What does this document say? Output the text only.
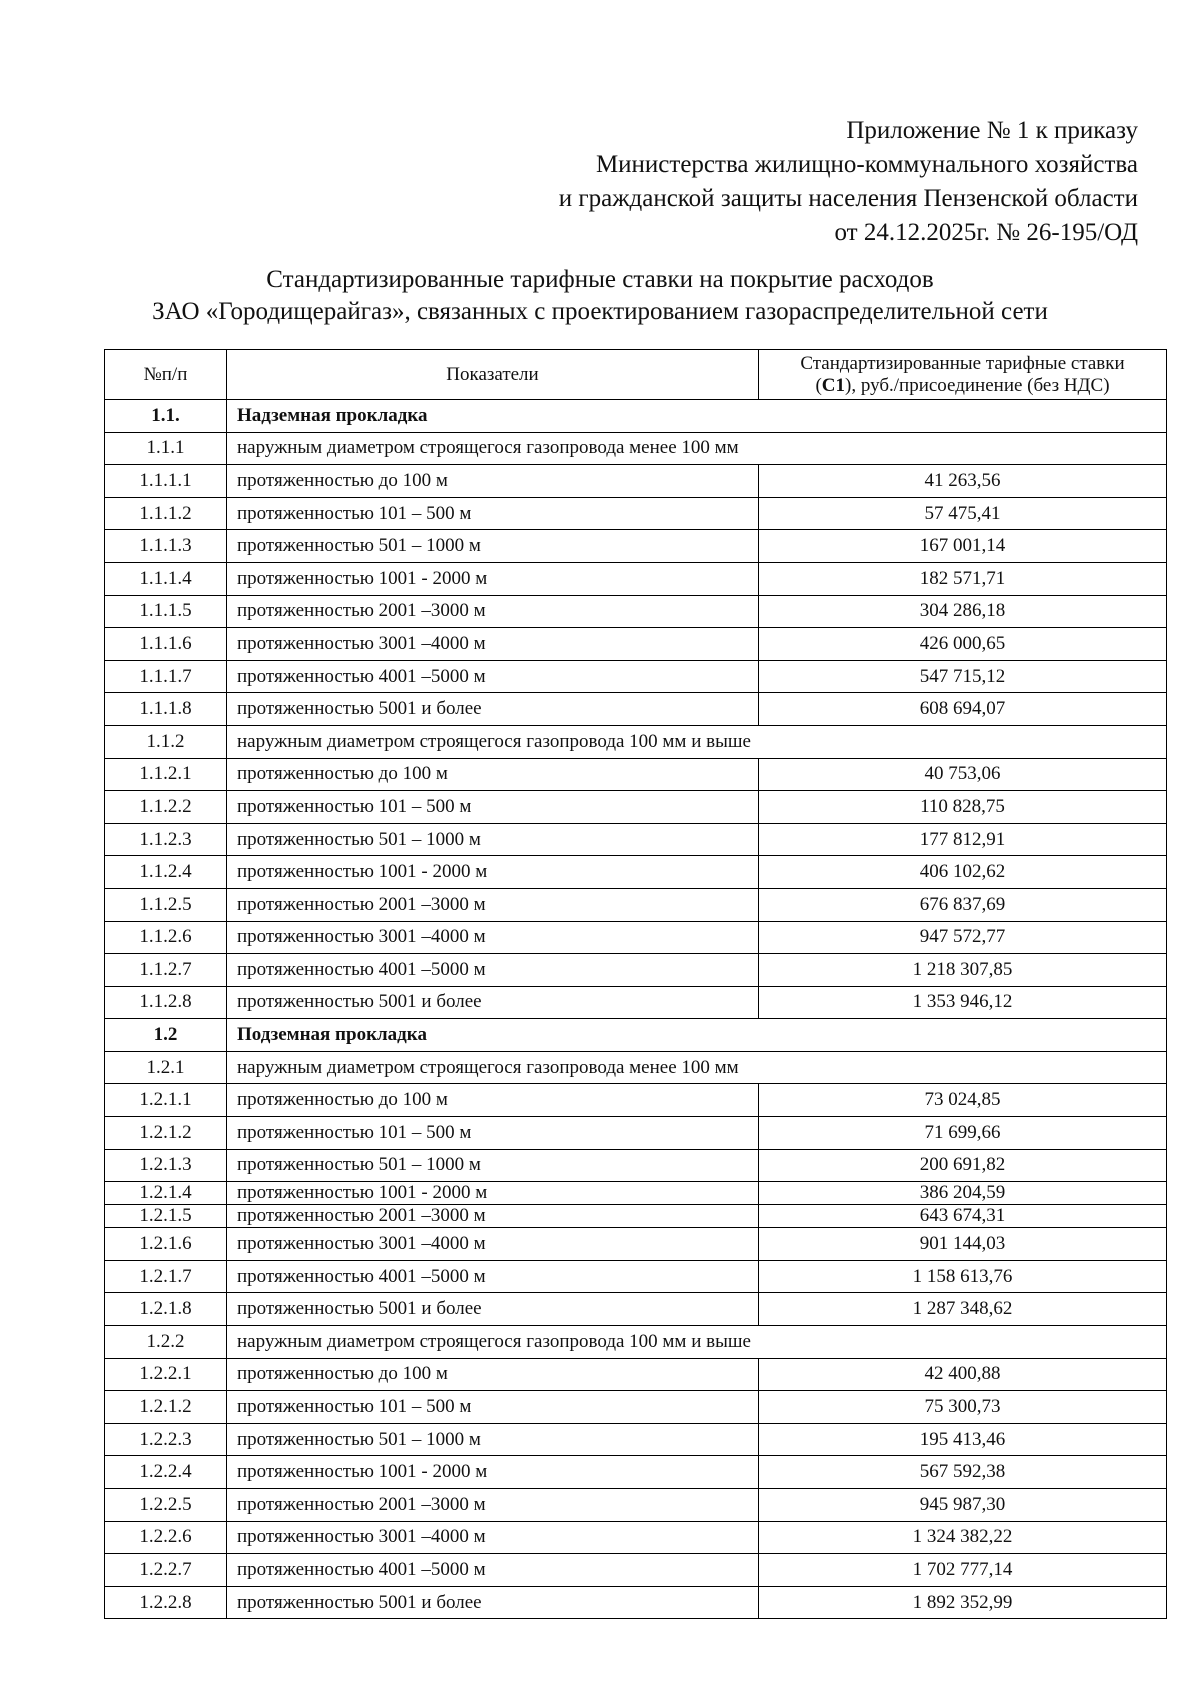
Приложение № 1 к приказу
Министерства жилищно-коммунального хозяйства
и гражданской защиты населения Пензенской области
от 24.12.2025г. № 26-195/ОД
Стандартизированные тарифные ставки на покрытие расходов
ЗАО «Городищерайгаз», связанных с проектированием газораспределительной сети
№п/п	Показатели	Стандартизированные тарифные ставки
(С1), руб./присоединение (без НДС)
1.1.	Надземная прокладка	
1.1.1	наружным диаметром строящегося газопровода менее 100 мм	
1.1.1.1	протяженностью до 100 м	41 263,56
1.1.1.2	протяженностью 101 – 500 м	57 475,41
1.1.1.3	протяженностью 501 – 1000 м	167 001,14
1.1.1.4	протяженностью 1001 - 2000 м	182 571,71
1.1.1.5	протяженностью 2001 –3000 м	304 286,18
1.1.1.6	протяженностью 3001 –4000 м	426 000,65
1.1.1.7	протяженностью 4001 –5000 м	547 715,12
1.1.1.8	протяженностью 5001 и более	608 694,07
1.1.2	наружным диаметром строящегося газопровода 100 мм и выше	
1.1.2.1	протяженностью до 100 м	40 753,06
1.1.2.2	протяженностью 101 – 500 м	110 828,75
1.1.2.3	протяженностью 501 – 1000 м	177 812,91
1.1.2.4	протяженностью 1001 - 2000 м	406 102,62
1.1.2.5	протяженностью 2001 –3000 м	676 837,69
1.1.2.6	протяженностью 3001 –4000 м	947 572,77
1.1.2.7	протяженностью 4001 –5000 м	1 218 307,85
1.1.2.8	протяженностью 5001 и более	1 353 946,12
1.2	Подземная прокладка	
1.2.1	наружным диаметром строящегося газопровода менее 100 мм	
1.2.1.1	протяженностью до 100 м	73 024,85
1.2.1.2	протяженностью 101 – 500 м	71 699,66
1.2.1.3	протяженностью 501 – 1000 м	200 691,82
1.2.1.4	протяженностью 1001 - 2000 м	386 204,59
1.2.1.5	протяженностью 2001 –3000 м	643 674,31
1.2.1.6	протяженностью 3001 –4000 м	901 144,03
1.2.1.7	протяженностью 4001 –5000 м	1 158 613,76
1.2.1.8	протяженностью 5001 и более	1 287 348,62
1.2.2	наружным диаметром строящегося газопровода 100 мм и выше	
1.2.2.1	протяженностью до 100 м	42 400,88
1.2.1.2	протяженностью 101 – 500 м	75 300,73
1.2.2.3	протяженностью 501 – 1000 м	195 413,46
1.2.2.4	протяженностью 1001 - 2000 м	567 592,38
1.2.2.5	протяженностью 2001 –3000 м	945 987,30
1.2.2.6	протяженностью 3001 –4000 м	1 324 382,22
1.2.2.7	протяженностью 4001 –5000 м	1 702 777,14
1.2.2.8	протяженностью 5001 и более	1 892 352,99
